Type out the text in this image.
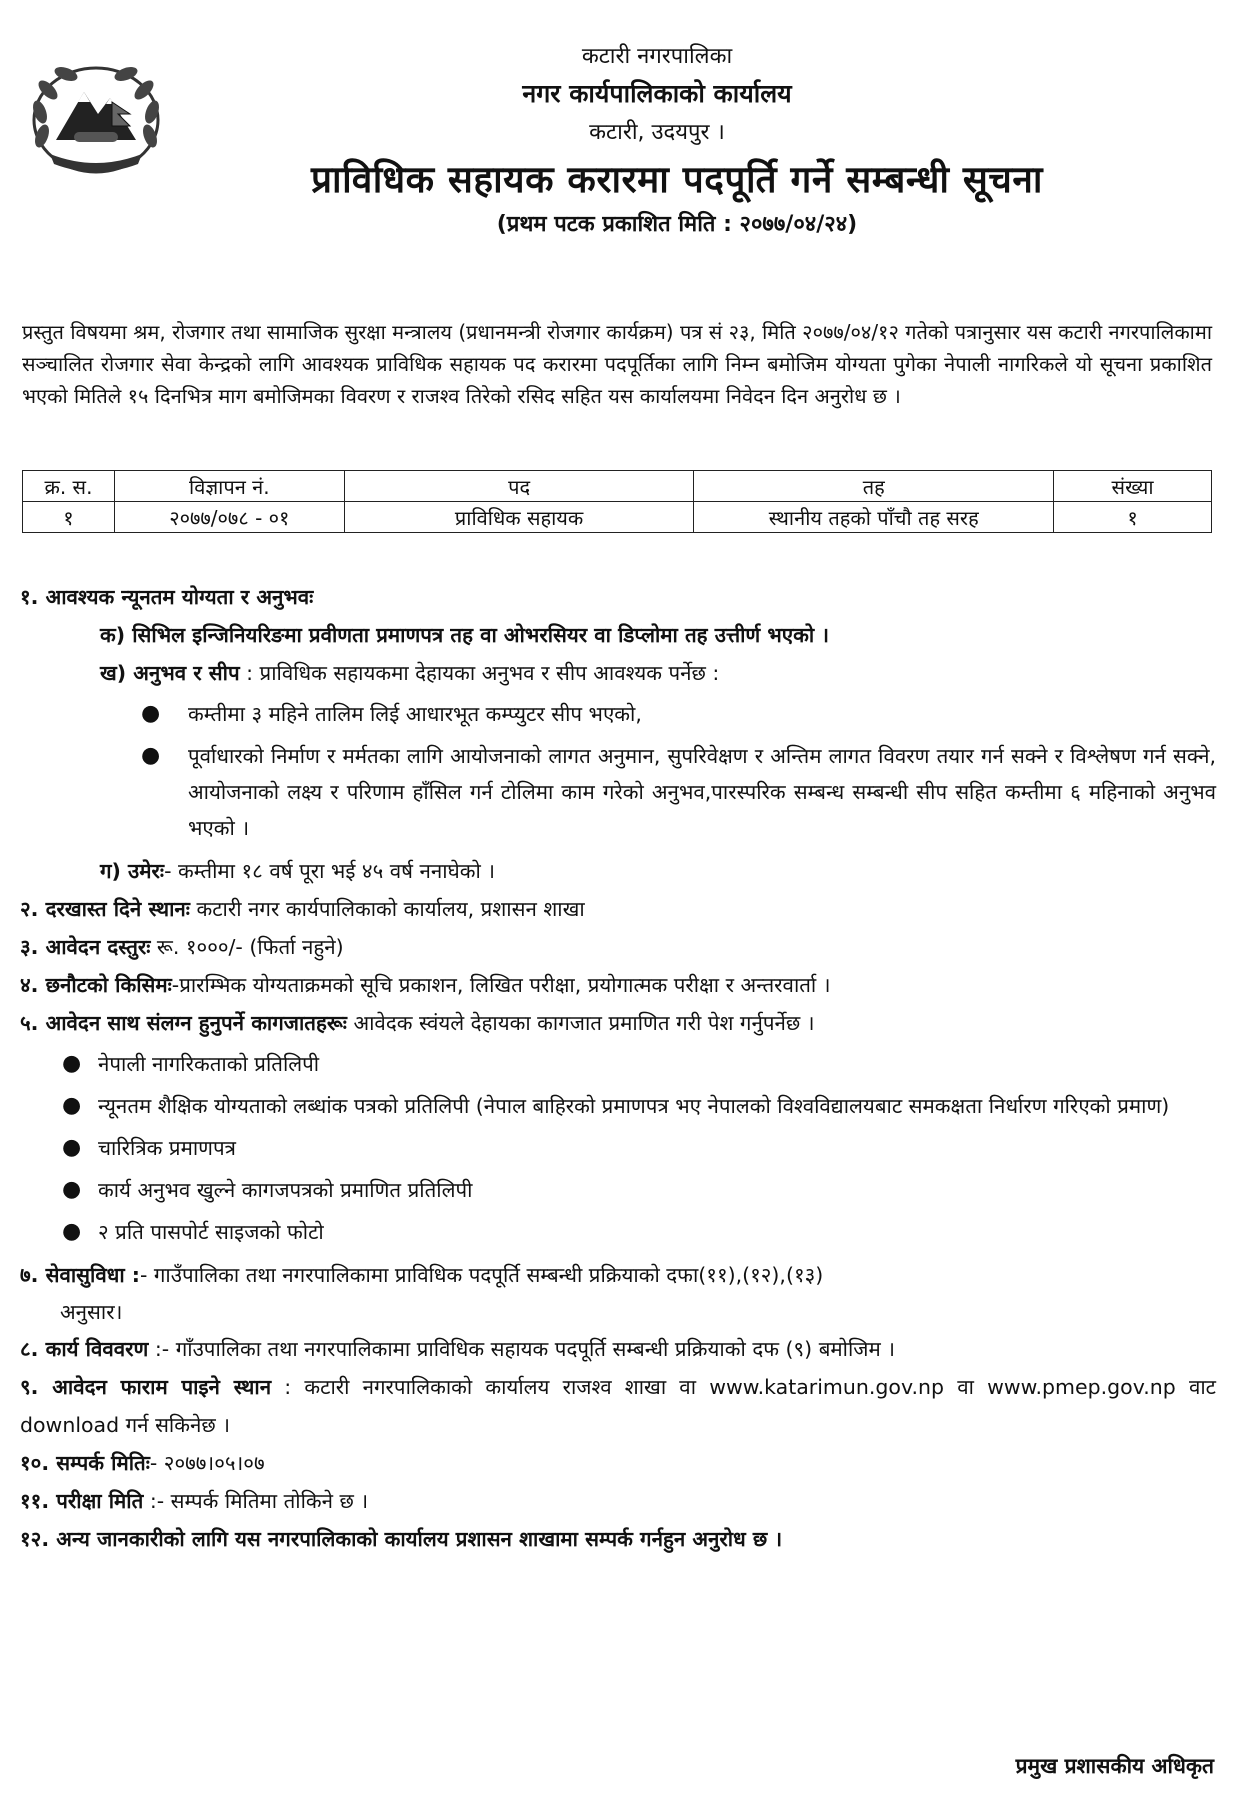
कटारी नगरपालिका
नगर कार्यपालिकाको कार्यालय
कटारी, उदयपुर ।
प्राविधिक सहायक करारमा पदपूर्ति गर्ने सम्बन्धी सूचना
(प्रथम पटक प्रकाशित मिति : २०७७/०४/२४)

प्रस्तुत विषयमा श्रम, रोजगार तथा सामाजिक सुरक्षा मन्त्रालय (प्रधानमन्त्री रोजगार कार्यक्रम) पत्र सं २३, मिति २०७७/०४/१२ गतेको पत्रानुसार यस कटारी नगरपालिकामा सञ्चालित रोजगार सेवा केन्द्रको लागि आवश्यक प्राविधिक सहायक पद करारमा पदपूर्तिका लागि निम्न बमोजिम योग्यता पुगेका नेपाली नागरिकले यो सूचना प्रकाशित भएको मितिले १५ दिनभित्र माग बमोजिमका विवरण र राजश्व तिरेको रसिद सहित यस कार्यालयमा निवेदन दिन अनुरोध छ ।

क्र. स.	विज्ञापन नं.	पद	तह	संख्या
१	२०७७/०७८ - ०१	प्राविधिक सहायक	स्थानीय तहको पाँचौ तह सरह	१

१. आवश्यक न्यूनतम योग्यता र अनुभवः

क) सिभिल इन्जिनियरिङमा प्रवीणता प्रमाणपत्र तह वा ओभरसियर वा डिप्लोमा तह उत्तीर्ण भएको ।

ख) अनुभव र सीप : प्राविधिक सहायकमा देहायका अनुभव र सीप आवश्यक पर्नेछ :

● कम्तीमा ३ महिने तालिम लिई आधारभूत कम्प्युटर सीप भएको,
● पूर्वाधारको निर्माण र मर्मतका लागि आयोजनाको लागत अनुमान, सुपरिवेक्षण र अन्तिम लागत विवरण तयार गर्न सक्ने र विश्लेषण गर्न सक्ने, आयोजनाको लक्ष्य र परिणाम हाँसिल गर्न टोलिमा काम गरेको अनुभव,पारस्परिक सम्बन्ध सम्बन्धी सीप सहित कम्तीमा ६ महिनाको अनुभव भएको ।

ग) उमेरः- कम्तीमा १८ वर्ष पूरा भई ४५ वर्ष ननाघेको ।

२. दरखास्त दिने स्थानः कटारी नगर कार्यपालिकाको कार्यालय, प्रशासन शाखा

३. आवेदन दस्तुरः रू. १०००/- (फिर्ता नहुने)

४. छनौटको किसिमः-प्रारम्भिक योग्यताक्रमको सूचि प्रकाशन, लिखित परीक्षा, प्रयोगात्मक परीक्षा र अन्तरवार्ता ।

५. आवेदन साथ संलग्न हुनुपर्ने कागजातहरूः आवेदक स्वंयले देहायका कागजात प्रमाणित गरी पेश गर्नुपर्नेछ ।

● नेपाली नागरिकताको प्रतिलिपी
● न्यूनतम शैक्षिक योग्यताको लब्धांक पत्रको प्रतिलिपी (नेपाल बाहिरको प्रमाणपत्र भए नेपालको विश्वविद्यालयबाट समकक्षता निर्धारण गरिएको प्रमाण)
● चारित्रिक प्रमाणपत्र
● कार्य अनुभव खुल्ने कागजपत्रको प्रमाणित प्रतिलिपी
● २ प्रति पासपोर्ट साइजको फोटो

७. सेवासुविधा :- गाउँपालिका तथा नगरपालिकामा प्राविधिक पदपूर्ति सम्बन्धी प्रक्रियाको दफा(११),(१२),(१३)

अनुसार।

८. कार्य विववरण :- गाँउपालिका तथा नगरपालिकामा प्राविधिक सहायक पदपूर्ति सम्बन्धी प्रक्रियाको दफ (९) बमोजिम ।

९. आवेदन फाराम पाइने स्थान : कटारी नगरपालिकाको कार्यालय राजश्व शाखा वा www.katarimun.gov.np वा www.pmep.gov.np वाट download गर्न सकिनेछ ।

१०. सम्पर्क मितिः- २०७७।०५।०७

११. परीक्षा मिति :- सम्पर्क मितिमा तोकिने छ ।

१२. अन्य जानकारीको लागि यस नगरपालिकाको कार्यालय प्रशासन शाखामा सम्पर्क गर्नहुन अनुरोध छ ।

प्रमुख प्रशासकीय अधिकृत
